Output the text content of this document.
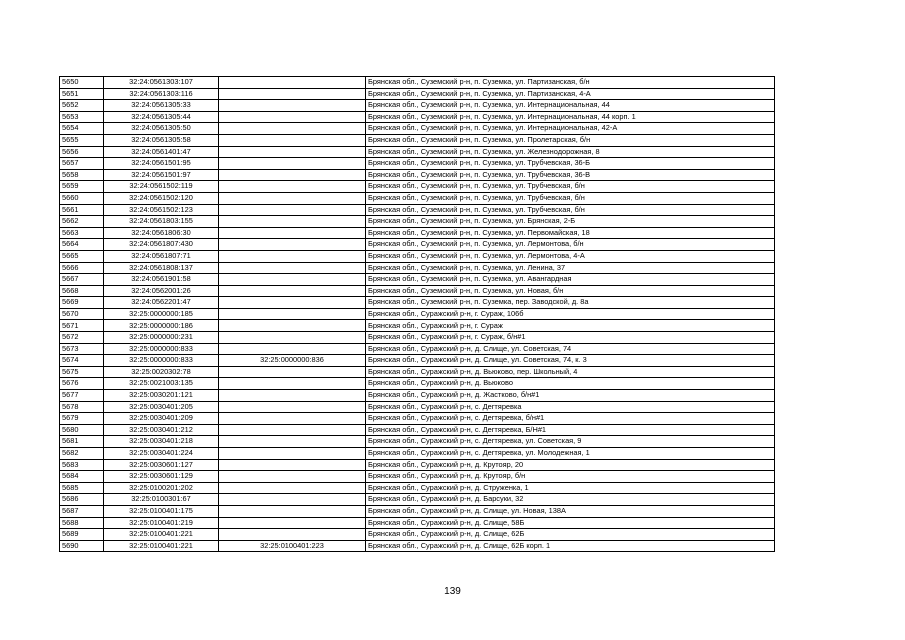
5650	32:24:0561303:107		Брянская обл., Суземский р-н, п. Суземка, ул. Партизанская, б/н
5651	32:24:0561303:116		Брянская обл., Суземский р-н, п. Суземка, ул. Партизанская, 4-А
5652	32:24:0561305:33		Брянская обл., Суземский р-н, п. Суземка, ул. Интернациональная, 44
5653	32:24:0561305:44		Брянская обл., Суземский р-н, п. Суземка, ул. Интернациональная, 44 корп. 1
5654	32:24:0561305:50		Брянская обл., Суземский р-н, п. Суземка, ул. Интернациональная, 42-А
5655	32:24:0561305:58		Брянская обл., Суземский р-н, п. Суземка, ул. Пролетарская, б/н
5656	32:24:0561401:47		Брянская обл., Суземский р-н, п. Суземка, ул. Железнодорожная, 8
5657	32:24:0561501:95		Брянская обл., Суземский р-н, п. Суземка, ул. Трубчевская, 36-Б
5658	32:24:0561501:97		Брянская обл., Суземский р-н, п. Суземка, ул. Трубчевская, 36-В
5659	32:24:0561502:119		Брянская обл., Суземский р-н, п. Суземка, ул. Трубчевская, б/н
5660	32:24:0561502:120		Брянская обл., Суземский р-н, п. Суземка, ул. Трубчевская, б/н
5661	32:24:0561502:123		Брянская обл., Суземский р-н, п. Суземка, ул. Трубчевская, б/н
5662	32:24:0561803:155		Брянская обл., Суземский р-н, п. Суземка, ул. Брянская, 2-Б
5663	32:24:0561806:30		Брянская обл., Суземский р-н, п. Суземка, ул. Первомайская, 18
5664	32:24:0561807:430		Брянская обл., Суземский р-н, п. Суземка, ул. Лермонтова, б/н
5665	32:24:0561807:71		Брянская обл., Суземский р-н, п. Суземка, ул. Лермонтова, 4-А
5666	32:24:0561808:137		Брянская обл., Суземский р-н, п. Суземка, ул. Ленина, 37
5667	32:24:0561901:58		Брянская обл., Суземский р-н, п. Суземка, ул. Авангардная
5668	32:24:0562001:26		Брянская обл., Суземский р-н, п. Суземка, ул. Новая, б/н
5669	32:24:0562201:47		Брянская обл., Суземский р-н, п. Суземка, пер. Заводской, д. 8а
5670	32:25:0000000:185		Брянская обл., Суражский р-н, г. Сураж, 106б
5671	32:25:0000000:186		Брянская обл., Суражский р-н, г. Сураж
5672	32:25:0000000:231		Брянская обл., Суражский р-н, г. Сураж, б/н#1
5673	32:25:0000000:833		Брянская обл., Суражский р-н, д. Слище, ул. Советская, 74
5674	32:25:0000000:833	32:25:0000000:836	Брянская обл., Суражский р-н, д. Слище, ул. Советская, 74, к. 3
5675	32:25:0020302:78		Брянская обл., Суражский р-н, д. Вьюково, пер. Школьный, 4
5676	32:25:0021003:135		Брянская обл., Суражский р-н, д. Вьюково
5677	32:25:0030201:121		Брянская обл., Суражский р-н, д. Жастково, б/н#1
5678	32:25:0030401:205		Брянская обл., Суражский р-н, с. Дегтяревка
5679	32:25:0030401:209		Брянская обл., Суражский р-н, с. Дегтяревка, б/н#1
5680	32:25:0030401:212		Брянская обл., Суражский р-н, с. Дегтяревка, Б/Н#1
5681	32:25:0030401:218		Брянская обл., Суражский р-н, с. Дегтяревка, ул. Советская, 9
5682	32:25:0030401:224		Брянская обл., Суражский р-н, с. Дегтяревка, ул. Молодежная, 1
5683	32:25:0030601:127		Брянская обл., Суражский р-н, д. Крутояр, 20
5684	32:25:0030601:129		Брянская обл., Суражский р-н, д. Крутояр, б/н
5685	32:25:0100201:202		Брянская обл., Суражский р-н, д. Струженка, 1
5686	32:25:0100301:67		Брянская обл., Суражский р-н, д. Барсуки, 32
5687	32:25:0100401:175		Брянская обл., Суражский р-н, д. Слище, ул. Новая, 138А
5688	32:25:0100401:219		Брянская обл., Суражский р-н, д. Слище, 58Б
5689	32:25:0100401:221		Брянская обл., Суражский р-н, д. Слище, 62Б
5690	32:25:0100401:221	32:25:0100401:223	Брянская обл., Суражский р-н, д. Слище, 62Б корп. 1
139
